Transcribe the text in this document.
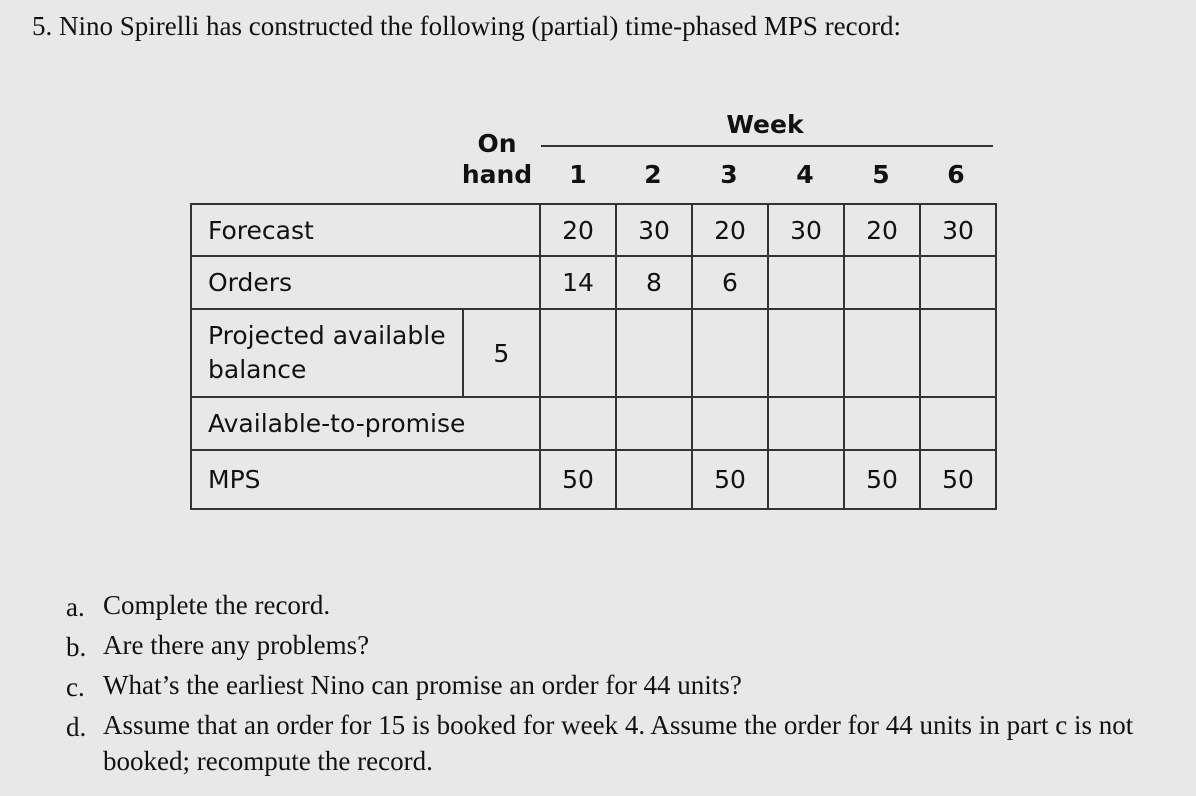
5. Nino Spirelli has constructed the following (partial) time-phased MPS record:
Week
On
hand	1	2	3	4	5	6
Forecast		20	30	20	30	20	30
Orders		14	8	6			
Projected available
balance	5						
Available-to-promise							
MPS		50		50		50	50
a. Complete the record.
b. Are there any problems?
c. What’s the earliest Nino can promise an order for 44 units?
d. Assume that an order for 15 is booked for week 4. Assume the order for 44 units in part c is not booked; recompute the record.
